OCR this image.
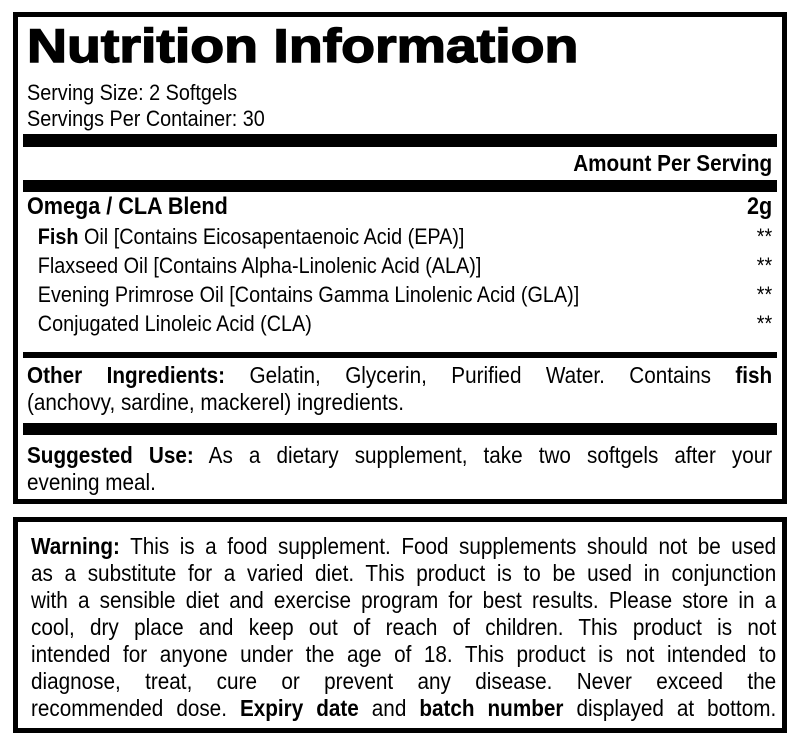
Nutrition Information
Serving Size: 2 Softgels
Servings Per Container: 30
Amount Per Serving
Omega / CLA Blend	2g
Fish Oil [Contains Eicosapentaenoic Acid (EPA)]	**
Flaxseed Oil [Contains Alpha-Linolenic Acid (ALA)]	**
Evening Primrose Oil [Contains Gamma Linolenic Acid (GLA)]	**
Conjugated Linoleic Acid (CLA)	**
Other Ingredients: Gelatin, Glycerin, Purified Water. Contains fish
(anchovy, sardine, mackerel) ingredients.
Suggested Use: As a dietary supplement, take two softgels after your
evening meal.
Warning: This is a food supplement. Food supplements should not be used
as a substitute for a varied diet. This product is to be used in conjunction
with a sensible diet and exercise program for best results. Please store in a
cool, dry place and keep out of reach of children. This product is not
intended for anyone under the age of 18. This product is not intended to
diagnose, treat, cure or prevent any disease. Never exceed the
recommended dose. Expiry date and batch number displayed at bottom.
